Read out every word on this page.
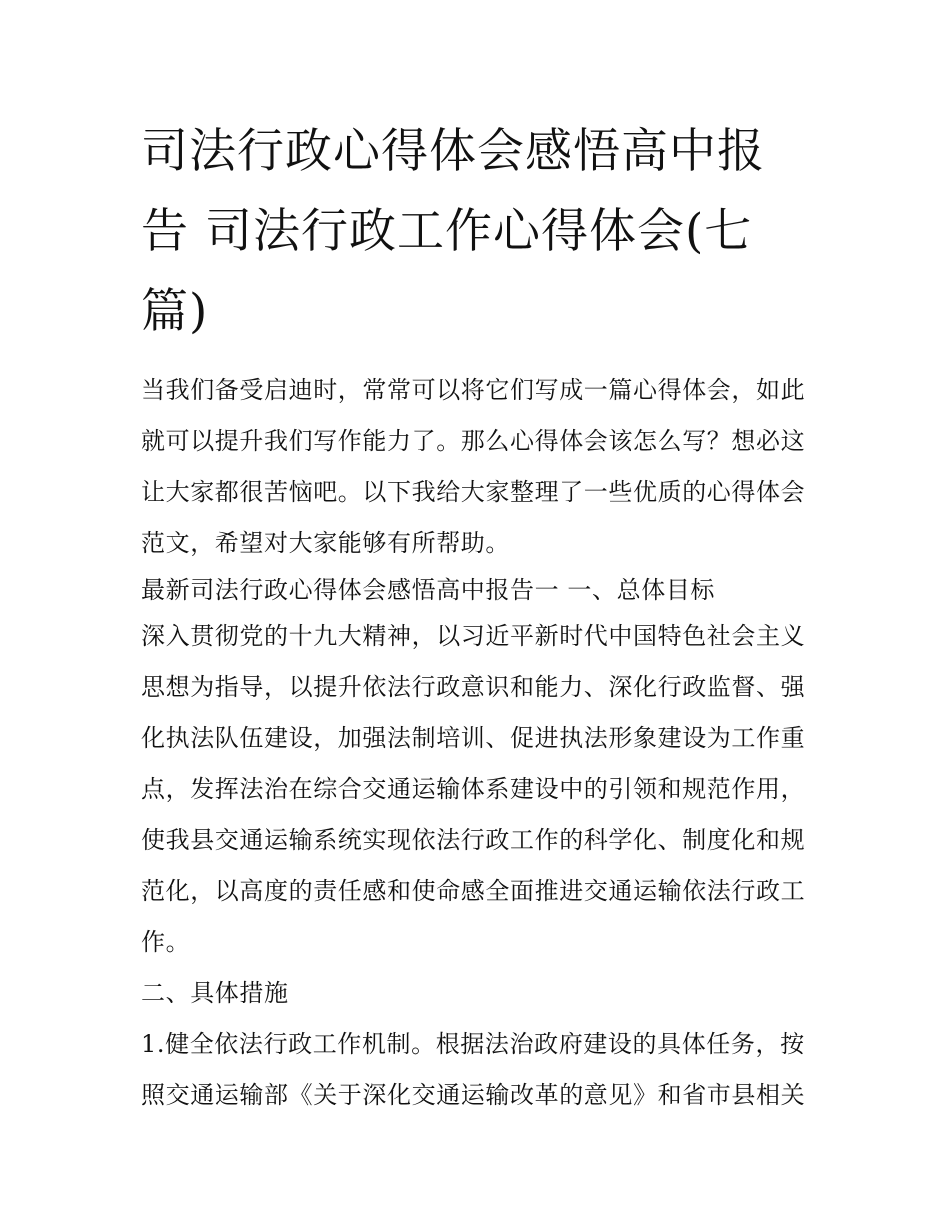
司法行政心得体会感悟高中报
告 司法行政工作心得体会(七
篇)
当我们备受启迪时，常常可以将它们写成一篇心得体会，如此
就可以提升我们写作能力了。那么心得体会该怎么写？想必这
让大家都很苦恼吧。以下我给大家整理了一些优质的心得体会
范文，希望对大家能够有所帮助。
最新司法行政心得体会感悟高中报告一 一、总体目标
深入贯彻党的十九大精神，以习近平新时代中国特色社会主义
思想为指导，以提升依法行政意识和能力、深化行政监督、强
化执法队伍建设，加强法制培训、促进执法形象建设为工作重
点，发挥法治在综合交通运输体系建设中的引领和规范作用，
使我县交通运输系统实现依法行政工作的科学化、制度化和规
范化，以高度的责任感和使命感全面推进交通运输依法行政工
作。
二、具体措施
1.健全依法行政工作机制。根据法治政府建设的具体任务，按
照交通运输部《关于深化交通运输改革的意见》和省市县相关
